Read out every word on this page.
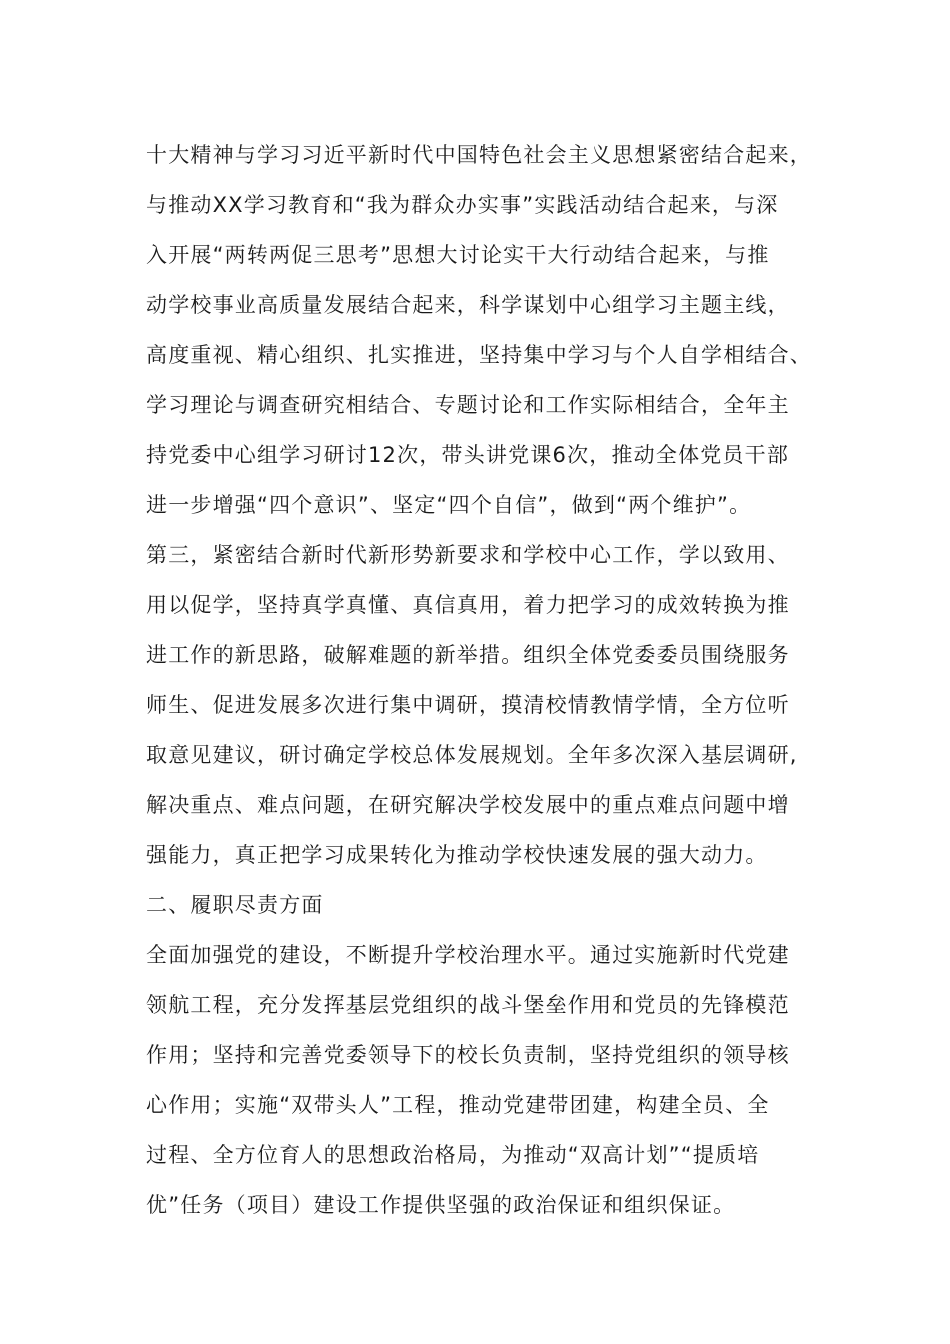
十大精神与学习习近平新时代中国特色社会主义思想紧密结合起来，
与推动XX学习教育和“我为群众办实事”实践活动结合起来，与深
入开展“两转两促三思考”思想大讨论实干大行动结合起来，与推
动学校事业高质量发展结合起来，科学谋划中心组学习主题主线，
高度重视、精心组织、扎实推进，坚持集中学习与个人自学相结合、
学习理论与调查研究相结合、专题讨论和工作实际相结合，全年主
持党委中心组学习研讨12次，带头讲党课6次，推动全体党员干部
进一步增强“四个意识”、坚定“四个自信”，做到“两个维护”。
第三，紧密结合新时代新形势新要求和学校中心工作，学以致用、
用以促学，坚持真学真懂、真信真用，着力把学习的成效转换为推
进工作的新思路，破解难题的新举措。组织全体党委委员围绕服务
师生、促进发展多次进行集中调研，摸清校情教情学情，全方位听
取意见建议，研讨确定学校总体发展规划。全年多次深入基层调研,
解决重点、难点问题，在研究解决学校发展中的重点难点问题中增
强能力，真正把学习成果转化为推动学校快速发展的强大动力。
二、履职尽责方面
全面加强党的建设，不断提升学校治理水平。通过实施新时代党建
领航工程，充分发挥基层党组织的战斗堡垒作用和党员的先锋模范
作用；坚持和完善党委领导下的校长负责制，坚持党组织的领导核
心作用；实施“双带头人”工程，推动党建带团建，构建全员、全
过程、全方位育人的思想政治格局，为推动“双高计划”“提质培
优”任务（项目）建设工作提供坚强的政治保证和组织保证。
